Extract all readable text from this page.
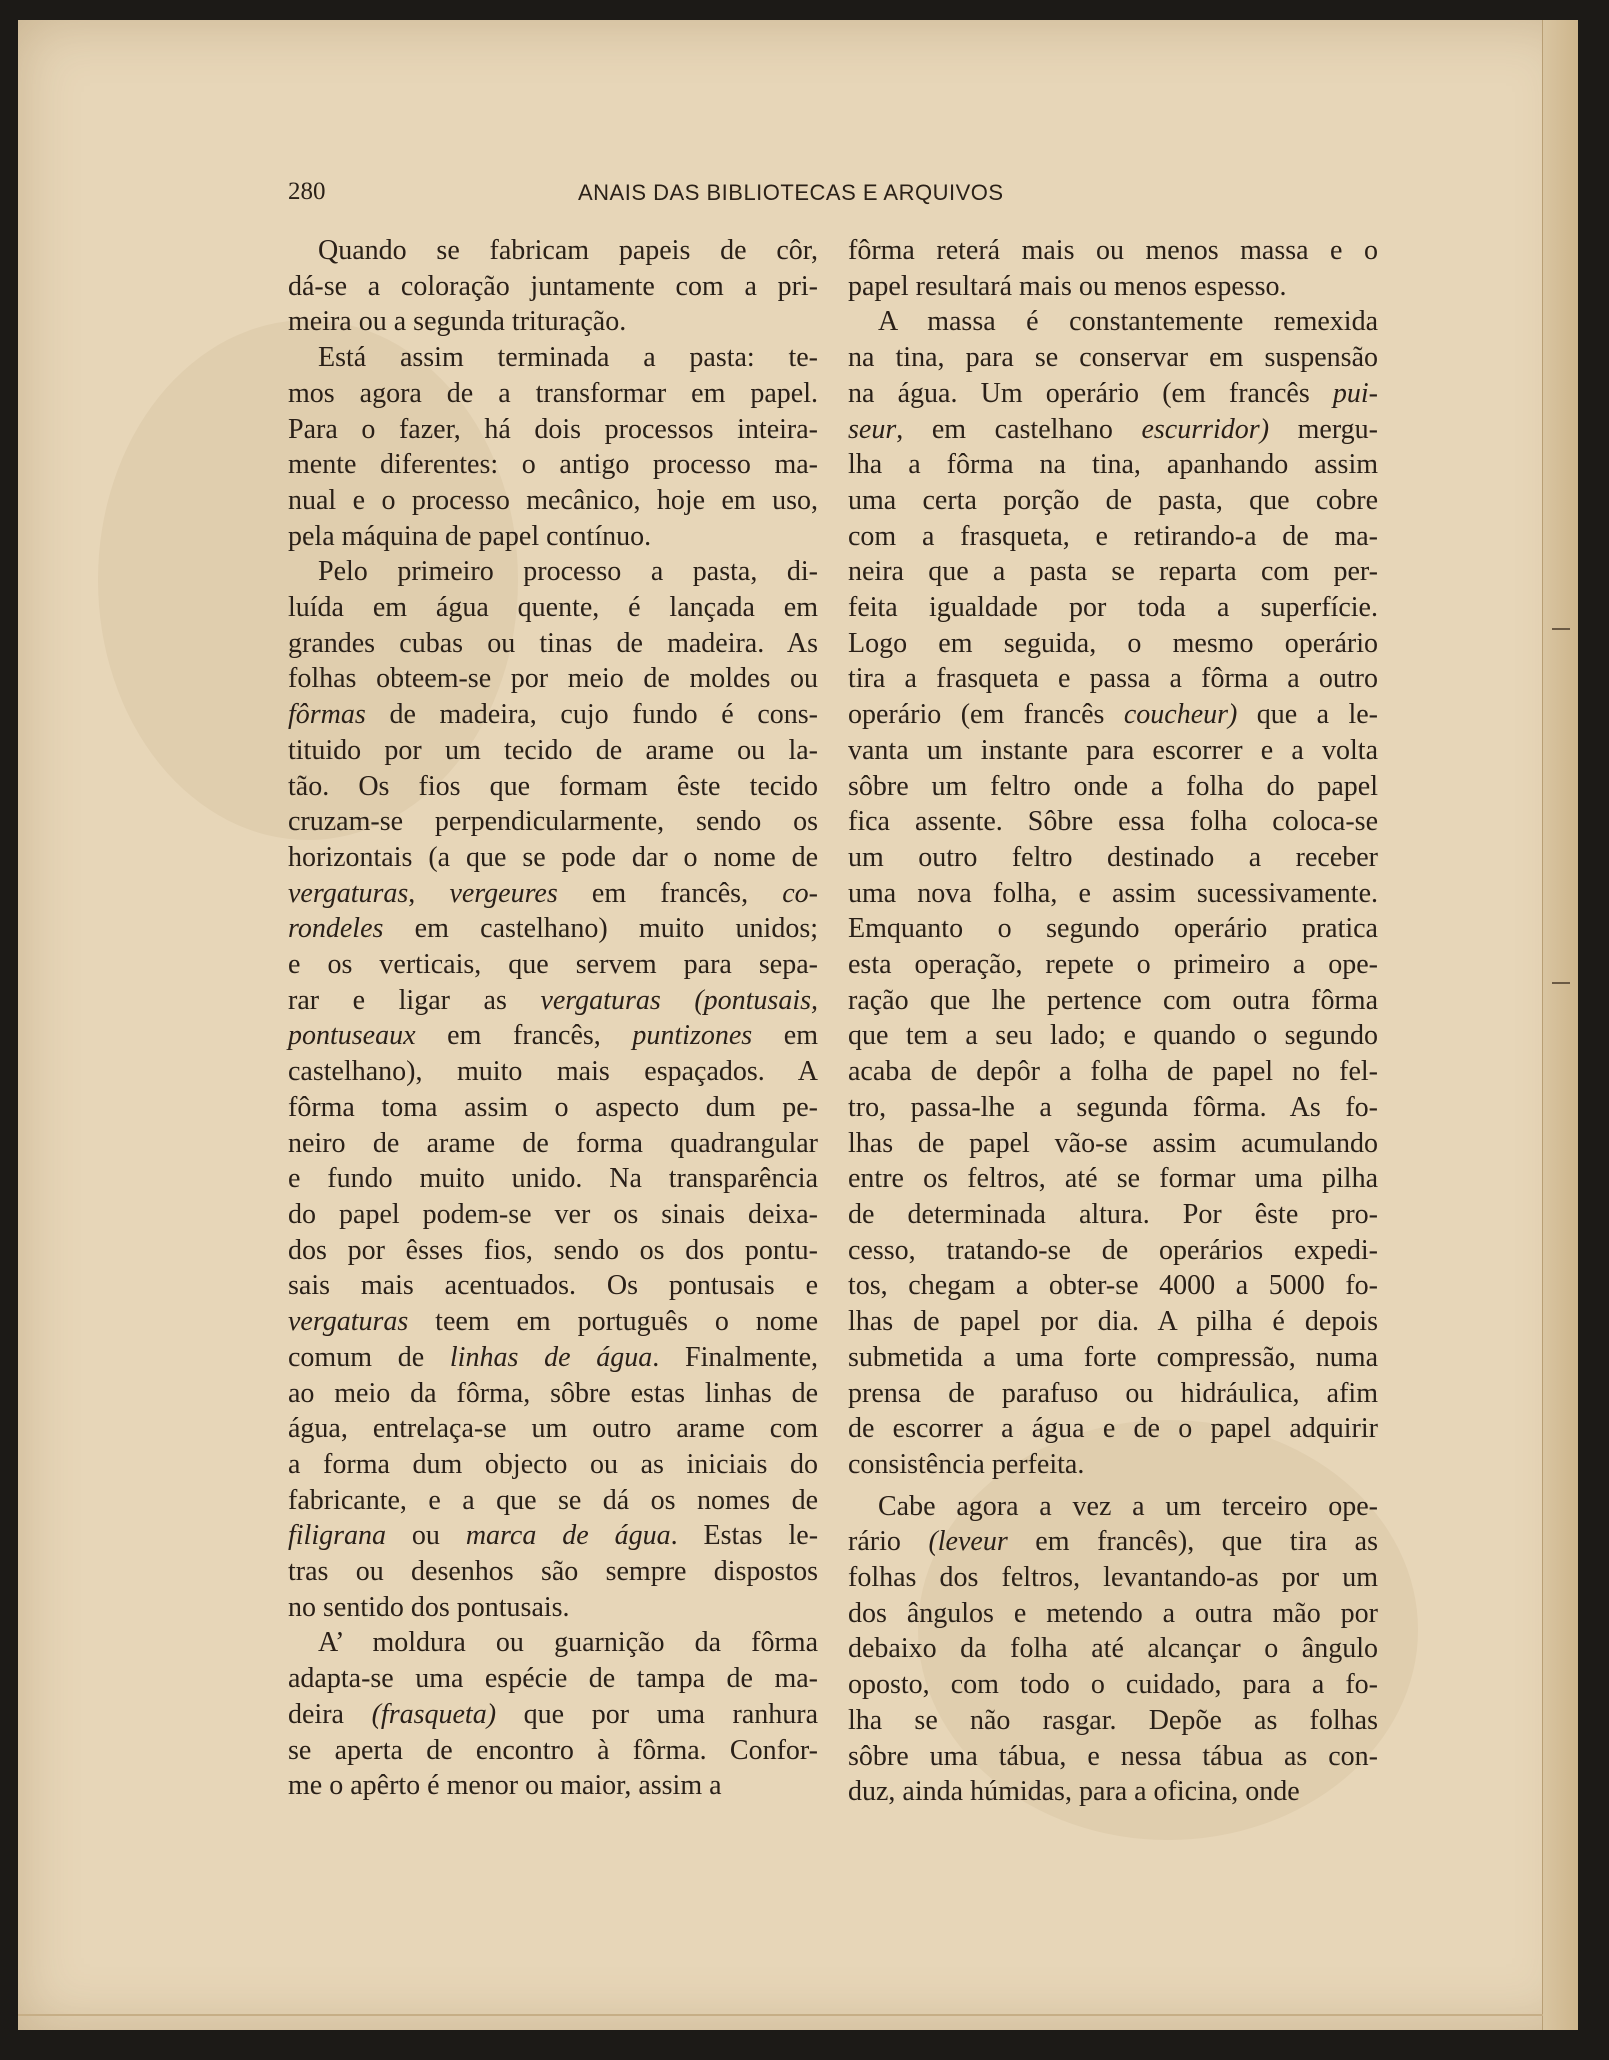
280	ANAIS DAS BIBLIOTECAS E ARQUIVOS

Quando se fabricam papeis de côr,
dá-se a coloração juntamente com a pri-
meira ou a segunda trituração.

Está assim terminada a pasta: te-
mos agora de a transformar em papel.
Para o fazer, há dois processos inteira-
mente diferentes: o antigo processo ma-
nual e o processo mecânico, hoje em uso,
pela máquina de papel contínuo.

Pelo primeiro processo a pasta, di-
luída em água quente, é lançada em
grandes cubas ou tinas de madeira. As
folhas obteem-se por meio de moldes ou
fôrmas de madeira, cujo fundo é cons-
tituido por um tecido de arame ou la-
tão. Os fios que formam êste tecido
cruzam-se perpendicularmente, sendo os
horizontais (a que se pode dar o nome de
vergaturas, vergeures em francês, co-
rondeles em castelhano) muito unidos;
e os verticais, que servem para sepa-
rar e ligar as vergaturas (pontusais,
pontuseaux em francês, puntizones em
castelhano), muito mais espaçados. A
fôrma toma assim o aspecto dum pe-
neiro de arame de forma quadrangular
e fundo muito unido. Na transparência
do papel podem-se ver os sinais deixa-
dos por êsses fios, sendo os dos pontu-
sais mais acentuados. Os pontusais e
vergaturas teem em português o nome
comum de linhas de água. Finalmente,
ao meio da fôrma, sôbre estas linhas de
água, entrelaça-se um outro arame com
a forma dum objecto ou as iniciais do
fabricante, e a que se dá os nomes de
filigrana ou marca de água. Estas le-
tras ou desenhos são sempre dispostos
no sentido dos pontusais.

A’ moldura ou guarnição da fôrma
adapta-se uma espécie de tampa de ma-
deira (frasqueta) que por uma ranhura
se aperta de encontro à fôrma. Confor-
me o apêrto é menor ou maior, assim a

fôrma reterá mais ou menos massa e o
papel resultará mais ou menos espesso.

A massa é constantemente remexida
na tina, para se conservar em suspensão
na água. Um operário (em francês pui-
seur, em castelhano escurridor) mergu-
lha a fôrma na tina, apanhando assim
uma certa porção de pasta, que cobre
com a frasqueta, e retirando-a de ma-
neira que a pasta se reparta com per-
feita igualdade por toda a superfície.
Logo em seguida, o mesmo operário
tira a frasqueta e passa a fôrma a outro
operário (em francês coucheur) que a le-
vanta um instante para escorrer e a volta
sôbre um feltro onde a folha do papel
fica assente. Sôbre essa folha coloca-se
um outro feltro destinado a receber
uma nova folha, e assim sucessivamente.
Emquanto o segundo operário pratica
esta operação, repete o primeiro a ope-
ração que lhe pertence com outra fôrma
que tem a seu lado; e quando o segundo
acaba de depôr a folha de papel no fel-
tro, passa-lhe a segunda fôrma. As fo-
lhas de papel vão-se assim acumulando
entre os feltros, até se formar uma pilha
de determinada altura. Por êste pro-
cesso, tratando-se de operários expedi-
tos, chegam a obter-se 4000 a 5000 fo-
lhas de papel por dia. A pilha é depois
submetida a uma forte compressão, numa
prensa de parafuso ou hidráulica, afim
de escorrer a água e de o papel adquirir
consistência perfeita.

Cabe agora a vez a um terceiro ope-
rário (leveur em francês), que tira as
folhas dos feltros, levantando-as por um
dos ângulos e metendo a outra mão por
debaixo da folha até alcançar o ângulo
oposto, com todo o cuidado, para a fo-
lha se não rasgar. Depõe as folhas
sôbre uma tábua, e nessa tábua as con-
duz, ainda húmidas, para a oficina, onde
